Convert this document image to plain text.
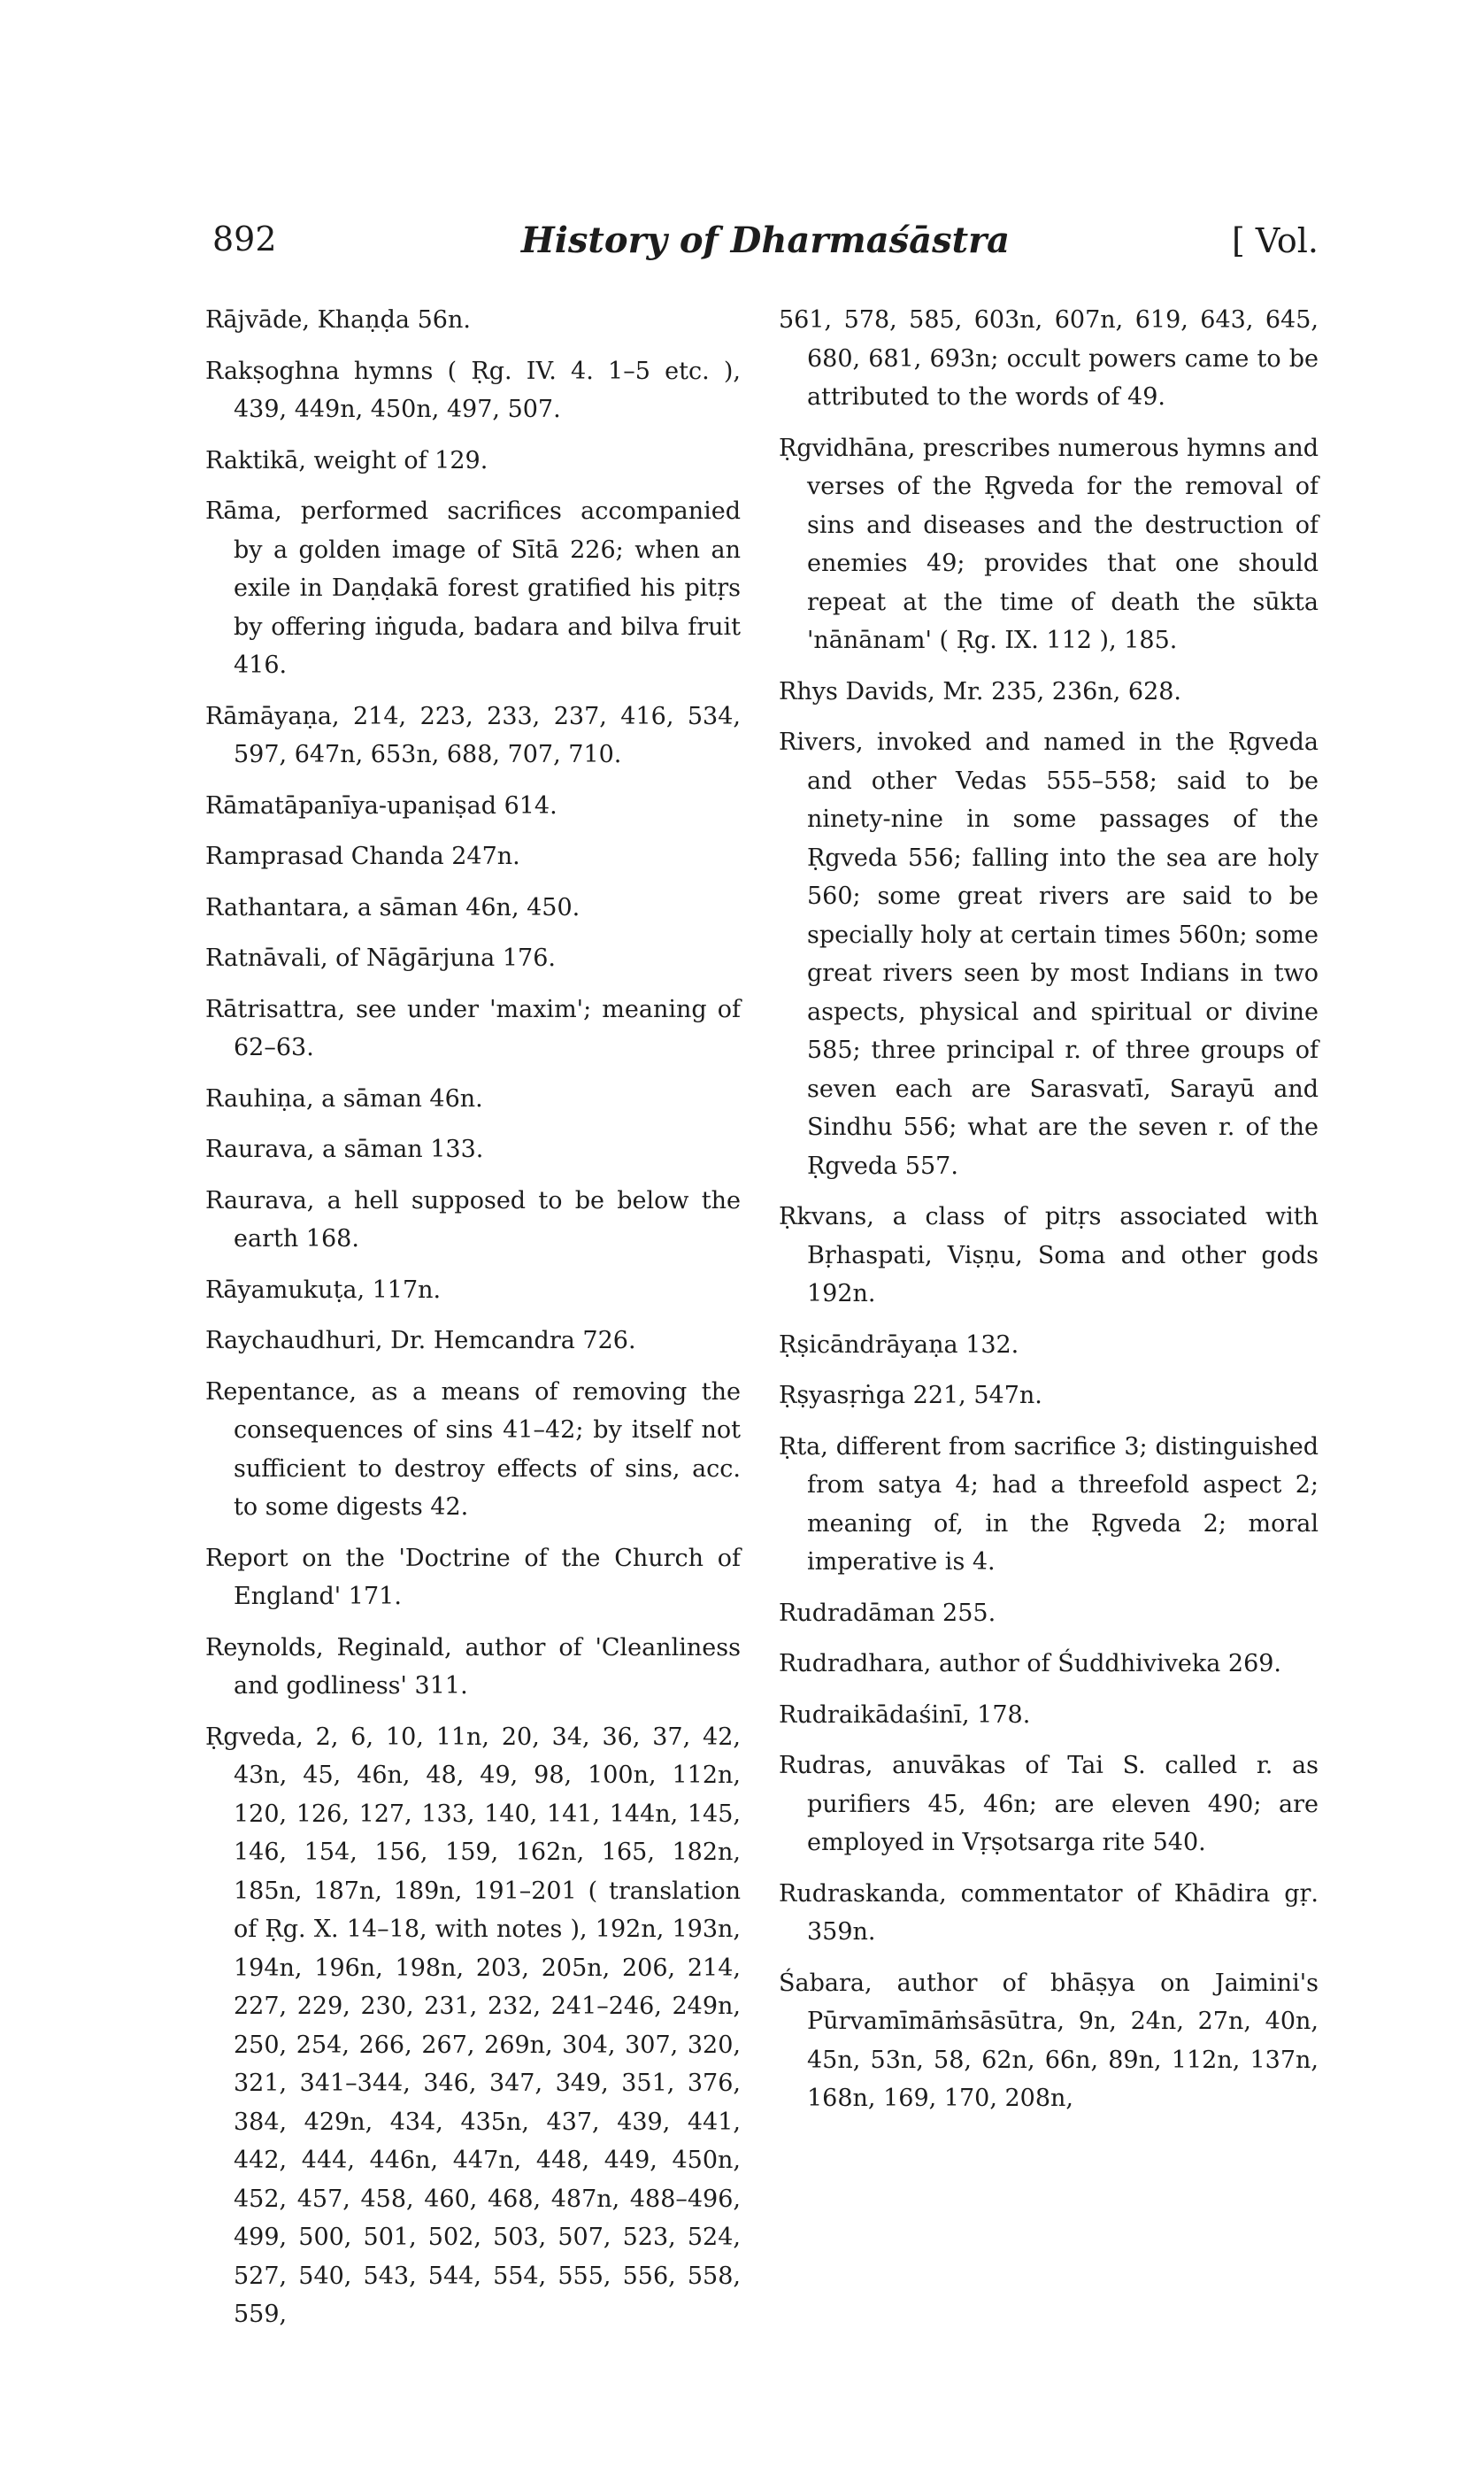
892	History of Dharmaśāstra	[ Vol.
Rājvāde, Khaṇḍa 56n.
Rakṣoghna hymns ( Ṛg. IV. 4. 1–5 etc. ), 439, 449n, 450n, 497, 507.
Raktikā, weight of 129.
Rāma, performed sacrifices accompanied by a golden image of Sītā 226; when an exile in Daṇḍakā forest gratified his pitṛs by offering iṅguda, badara and bilva fruit 416.
Rāmāyaṇa, 214, 223, 233, 237, 416, 534, 597, 647n, 653n, 688, 707, 710.
Rāmatāpanīya-upaniṣad 614.
Ramprasad Chanda 247n.
Rathantara, a sāman 46n, 450.
Ratnāvali, of Nāgārjuna 176.
Rātrisattra, see under 'maxim'; meaning of 62–63.
Rauhiṇa, a sāman 46n.
Raurava, a sāman 133.
Raurava, a hell supposed to be below the earth 168.
Rāyamukuṭa, 117n.
Raychaudhuri, Dr. Hemcandra 726.
Repentance, as a means of removing the consequences of sins 41–42; by itself not sufficient to destroy effects of sins, acc. to some digests 42.
Report on the 'Doctrine of the Church of England' 171.
Reynolds, Reginald, author of 'Cleanliness and godliness' 311.
Ṛgveda, 2, 6, 10, 11n, 20, 34, 36, 37, 42, 43n, 45, 46n, 48, 49, 98, 100n, 112n, 120, 126, 127, 133, 140, 141, 144n, 145, 146, 154, 156, 159, 162n, 165, 182n, 185n, 187n, 189n, 191–201 ( translation of Ṛg. X. 14–18, with notes ), 192n, 193n, 194n, 196n, 198n, 203, 205n, 206, 214, 227, 229, 230, 231, 232, 241–246, 249n, 250, 254, 266, 267, 269n, 304, 307, 320, 321, 341–344, 346, 347, 349, 351, 376, 384, 429n, 434, 435n, 437, 439, 441, 442, 444, 446n, 447n, 448, 449, 450n, 452, 457, 458, 460, 468, 487n, 488–496, 499, 500, 501, 502, 503, 507, 523, 524, 527, 540, 543, 544, 554, 555, 556, 558, 559,
561, 578, 585, 603n, 607n, 619, 643, 645, 680, 681, 693n; occult powers came to be attributed to the words of 49.
Ṛgvidhāna, prescribes numerous hymns and verses of the Ṛgveda for the removal of sins and diseases and the destruction of enemies 49; provides that one should repeat at the time of death the sūkta 'nānānam' ( Ṛg. IX. 112 ), 185.
Rhys Davids, Mr. 235, 236n, 628.
Rivers, invoked and named in the Ṛgveda and other Vedas 555–558; said to be ninety-nine in some passages of the Ṛgveda 556; falling into the sea are holy 560; some great rivers are said to be specially holy at certain times 560n; some great rivers seen by most Indians in two aspects, physical and spiritual or divine 585; three principal r. of three groups of seven each are Sarasvatī, Sarayū and Sindhu 556; what are the seven r. of the Ṛgveda 557.
Ṛkvans, a class of pitṛs associated with Bṛhaspati, Viṣṇu, Soma and other gods 192n.
Ṛṣicāndrāyaṇa 132.
Ṛṣyasṛṅga 221, 547n.
Ṛta, different from sacrifice 3; distinguished from satya 4; had a threefold aspect 2; meaning of, in the Ṛgveda 2; moral imperative is 4.
Rudradāman 255.
Rudradhara, author of Śuddhiviveka 269.
Rudraikādaśinī, 178.
Rudras, anuvākas of Tai S. called r. as purifiers 45, 46n; are eleven 490; are employed in Vṛṣotsarga rite 540.
Rudraskanda, commentator of Khādira gṛ. 359n.
Śabara, author of bhāṣya on Jaimini's Pūrvamīmāṁsāsūtra, 9n, 24n, 27n, 40n, 45n, 53n, 58, 62n, 66n, 89n, 112n, 137n, 168n, 169, 170, 208n,
